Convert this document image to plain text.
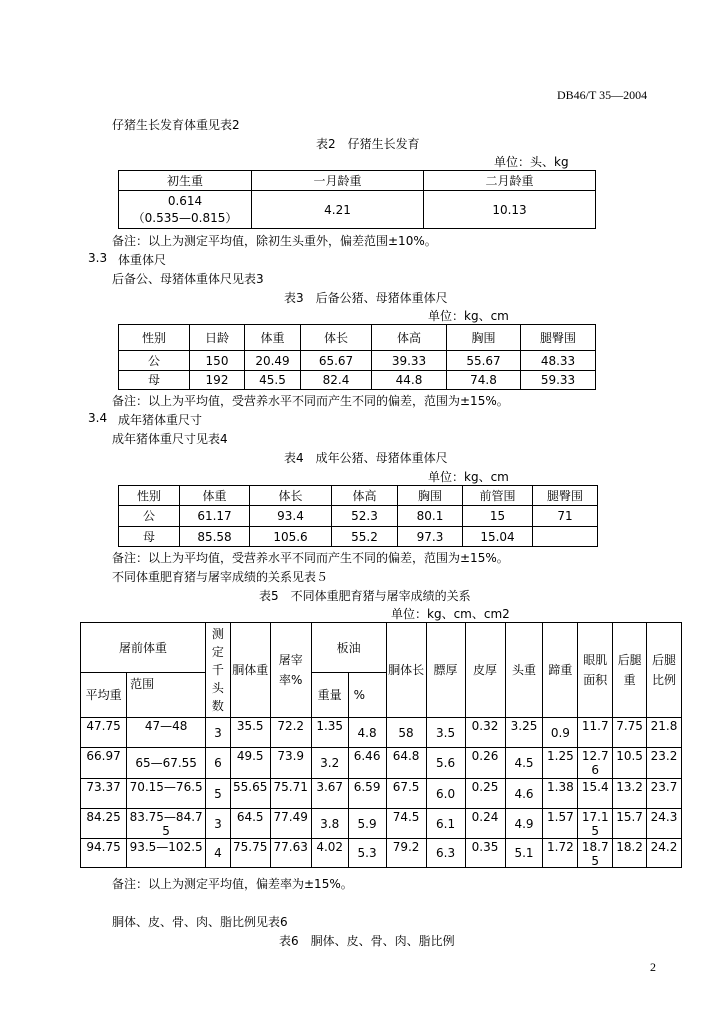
DB46/T 35—2004
2
仔猪生长发育体重见表2
表2　仔猪生长发育
单位：头、kg
初生重	一月龄重	二月龄重

0.614
（0.535—0.815）	4.21	10.13
备注：以上为测定平均值，除初生头重外，偏差范围±10%。
3.3 体重体尺
后备公、母猪体重体尺见表3
表3　后备公猪、母猪体重体尺
单位：kg、cm
性别	日龄	体重	体长	体高	胸围	腿臀围
公	150	20.49	65.67	39.33	55.67	48.33
母	192	45.5	82.4	44.8	74.8	59.33
备注：以上为平均值，受营养水平不同而产生不同的偏差，范围为±15%。
3.4 成年猪体重尺寸
成年猪体重尺寸见表4
表4　成年公猪、母猪体重体尺
单位：kg、cm
性别	体重	体长	体高	胸围	前管围	腿臀围
公	61.17	93.4	52.3	80.1	15	71
母	85.58	105.6	55.2	97.3	15.04	
备注：以上为平均值，受营养水平不同而产生不同的偏差，范围为±15%。
不同体重肥育猪与屠宰成绩的关系见表５
表5　不同体重肥育猪与屠宰成绩的关系
单位：kg、cm、cm2
屠前体重		测定千头数	胴体重	屠宰率%	板油		胴体长	膘厚	皮厚	头重	蹄重	眼肌面积	后腿重	后腿比例
平均重	范围				重量	%								

47.75	47—48	3	35.5	72.2	1.35	4.8	58	3.5	0.32	3.25	0.9	11.7	7.75	21.8

66.97	65—67.55	6	49.5	73.9	3.2	6.46	64.8	5.6	0.26	4.5	1.25	12.76	10.5	23.2

73.37	70.15—76.5	5	55.65	75.71	3.67	6.59	67.5	6.0	0.25	4.6	1.38	15.4	13.2	23.7

84.25	83.75—84.75	3	64.5	77.49	3.8	5.9	74.5	6.1	0.24	4.9	1.57	17.15	15.7	24.3

94.75	93.5—102.5	4	75.75	77.63	4.02	5.3	79.2	6.3	0.35	5.1	1.72	18.75	18.2	24.2
备注：以上为测定平均值，偏差率为±15%。
胴体、皮、骨、肉、脂比例见表6
表6　胴体、皮、骨、肉、脂比例
